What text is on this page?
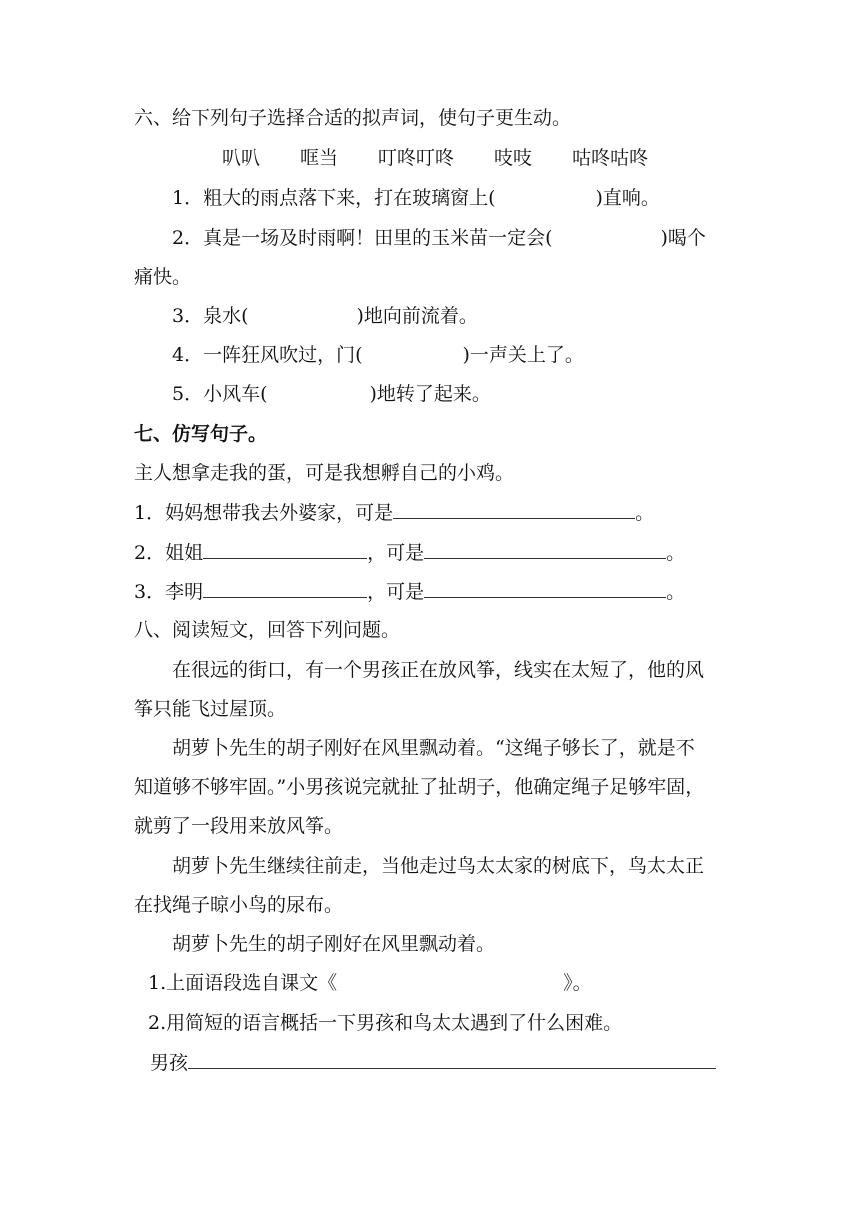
六、给下列句子选择合适的拟声词，使句子更生动。
叭叭 哐当 叮咚叮咚 吱吱 咕咚咕咚
1．粗大的雨点落下来，打在玻璃窗上(	)直响。
2．真是一场及时雨啊！田里的玉米苗一定会(	)喝个
痛快。
3．泉水(	)地向前流着。
4．一阵狂风吹过，门(	)一声关上了。
5．小风车(	)地转了起来。
七、仿写句子。
主人想拿走我的蛋，可是我想孵自己的小鸡。
1．妈妈想带我去外婆家，可是	。
2．姐姐	，可是	。
3．李明	，可是	。
八、阅读短文，回答下列问题。
在很远的街口，有一个男孩正在放风筝，线实在太短了，他的风
筝只能飞过屋顶。
胡萝卜先生的胡子刚好在风里飘动着。“这绳子够长了，就是不
知道够不够牢固。”小男孩说完就扯了扯胡子，他确定绳子足够牢固，
就剪了一段用来放风筝。
胡萝卜先生继续往前走，当他走过鸟太太家的树底下，鸟太太正
在找绳子晾小鸟的尿布。
胡萝卜先生的胡子刚好在风里飘动着。
1.上面语段选自课文《	》。
2.用简短的语言概括一下男孩和鸟太太遇到了什么困难。
男孩
